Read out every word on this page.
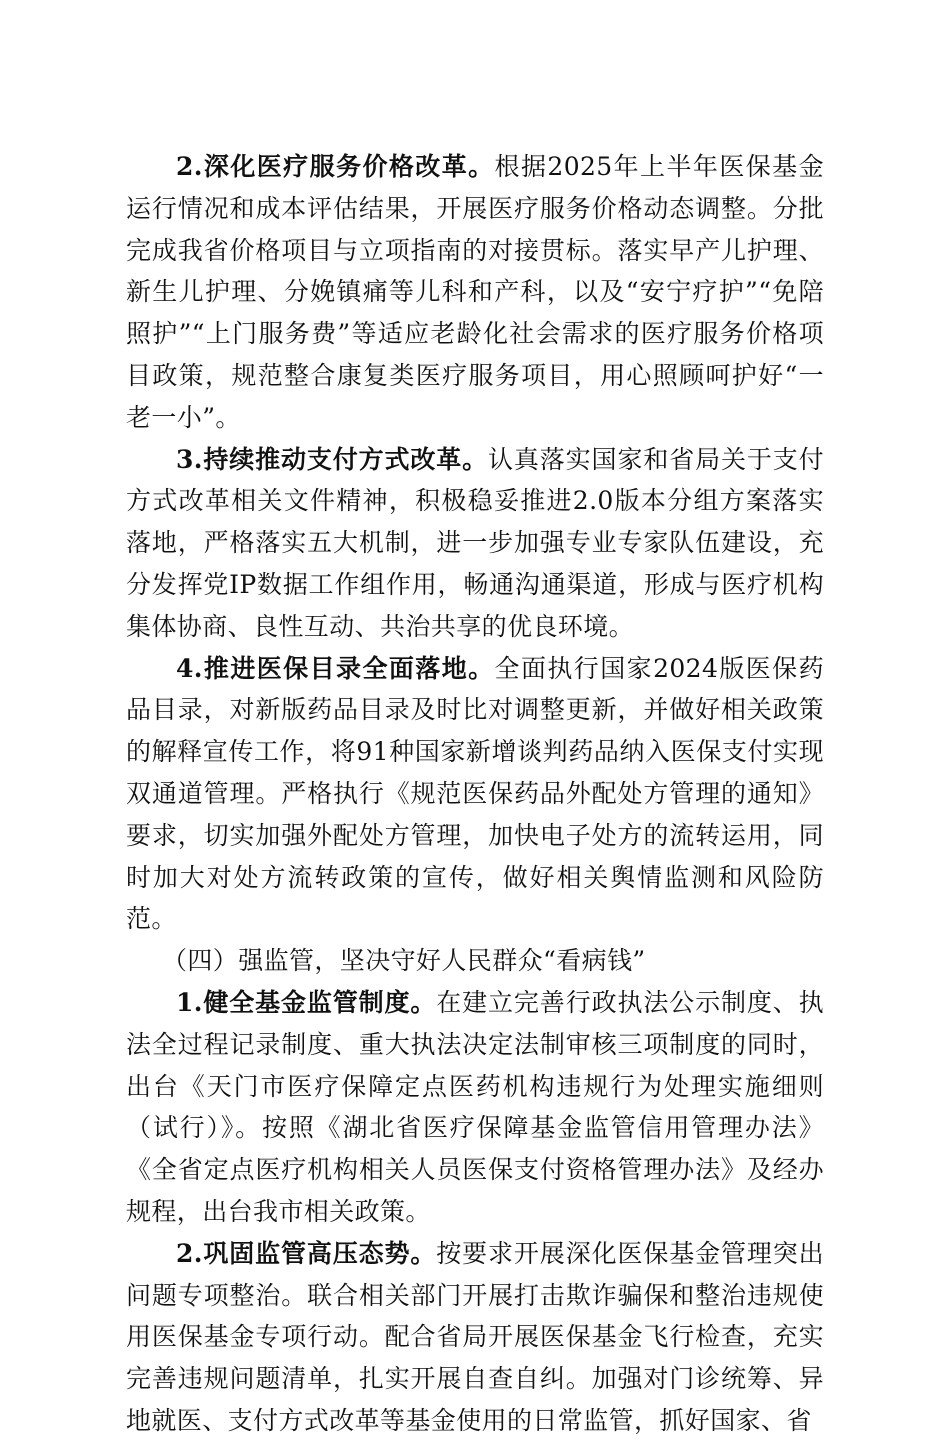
2.深化医疗服务价格改革。根据2025年上半年医保基金运行情况和成本评估结果，开展医疗服务价格动态调整。分批完成我省价格项目与立项指南的对接贯标。落实早产儿护理、新生儿护理、分娩镇痛等儿科和产科，以及“安宁疗护”“免陪照护”“上门服务费”等适应老龄化社会需求的医疗服务价格项目政策，规范整合康复类医疗服务项目，用心照顾呵护好“一老一小”。

3.持续推动支付方式改革。认真落实国家和省局关于支付方式改革相关文件精神，积极稳妥推进2.0版本分组方案落实落地，严格落实五大机制，进一步加强专业专家队伍建设，充分发挥党IP数据工作组作用，畅通沟通渠道，形成与医疗机构集体协商、良性互动、共治共享的优良环境。

4.推进医保目录全面落地。全面执行国家2024版医保药品目录，对新版药品目录及时比对调整更新，并做好相关政策的解释宣传工作，将91种国家新增谈判药品纳入医保支付实现双通道管理。严格执行《规范医保药品外配处方管理的通知》要求，切实加强外配处方管理，加快电子处方的流转运用，同时加大对处方流转政策的宣传，做好相关舆情监测和风险防范。

（四）强监管，坚决守好人民群众“看病钱”

1.健全基金监管制度。在建立完善行政执法公示制度、执法全过程记录制度、重大执法决定法制审核三项制度的同时，出台《天门市医疗保障定点医药机构违规行为处理实施细则（试行）》。按照《湖北省医疗保障基金监管信用管理办法》《全省定点医疗机构相关人员医保支付资格管理办法》及经办规程，出台我市相关政策。

2.巩固监管高压态势。按要求开展深化医保基金管理突出问题专项整治。联合相关部门开展打击欺诈骗保和整治违规使用医保基金专项行动。配合省局开展医保基金飞行检查，充实完善违规问题清单，扎实开展自查自纠。加强对门诊统筹、异地就医、支付方式改革等基金使用的日常监管，抓好国家、省
